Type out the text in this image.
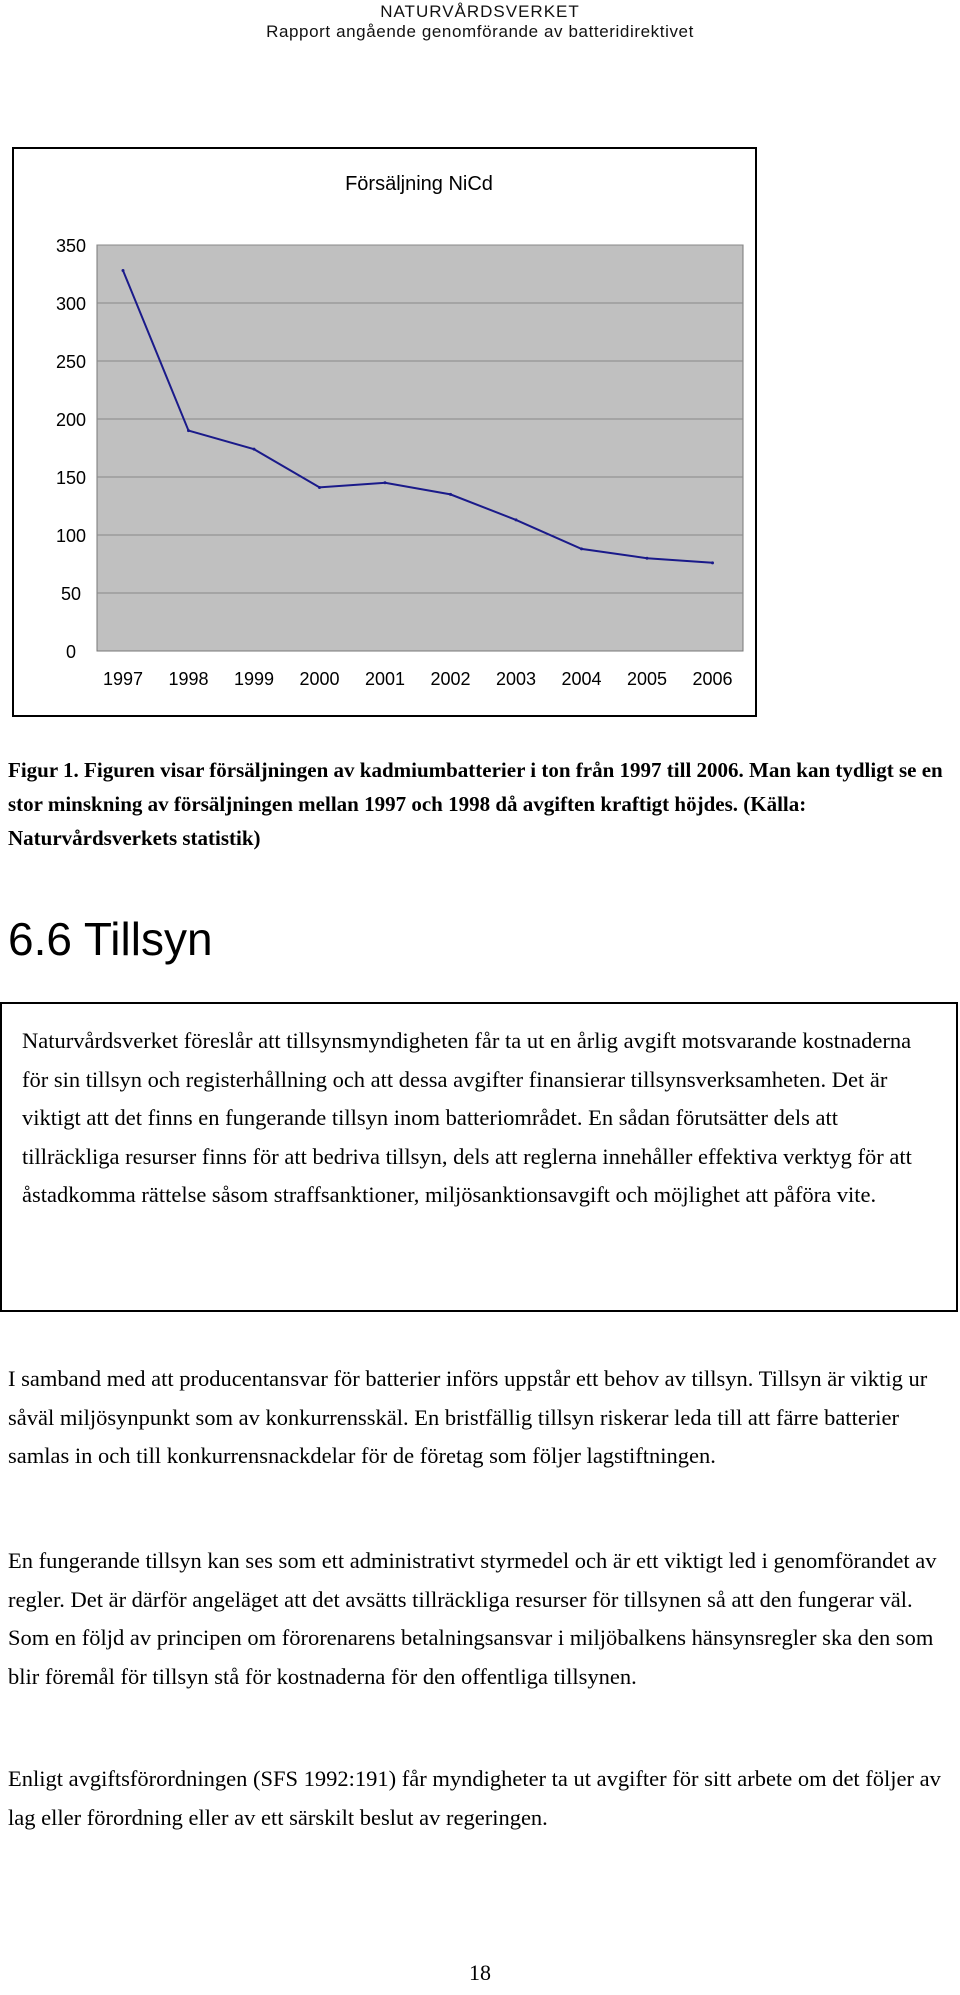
NATURVÅRDSVERKET
Rapport angående genomförande av batteridirektivet
0
50
100
150
200
250
300
350
1997 1998 1999 2000 2001 2002 2003 2004 2005 2006
Försäljning NiCd

Figur 1. Figuren visar försäljningen av kadmiumbatterier i ton från 1997 till 2006. Man kan tydligt se en stor minskning av försäljningen mellan 1997 och 1998 då avgiften kraftigt höjdes. (Källa: Naturvårdsverkets statistik)

6.6 Tillsyn

Naturvårdsverket föreslår att tillsynsmyndigheten får ta ut en årlig avgift motsvarande kostnaderna för sin tillsyn och registerhållning och att dessa avgifter finansierar tillsynsverksamheten. Det är viktigt att det finns en fungerande tillsyn inom batteriområdet. En sådan förutsätter dels att tillräckliga resurser finns för att bedriva tillsyn, dels att reglerna innehåller effektiva verktyg för att åstadkomma rättelse såsom straffsanktioner, miljösanktionsavgift och möjlighet att påföra vite.

I samband med att producentansvar för batterier införs uppstår ett behov av tillsyn. Tillsyn är viktig ur såväl miljösynpunkt som av konkurrensskäl. En bristfällig tillsyn riskerar leda till att färre batterier samlas in och till konkurrensnackdelar för de företag som följer lagstiftningen.

En fungerande tillsyn kan ses som ett administrativt styrmedel och är ett viktigt led i genomförandet av regler. Det är därför angeläget att det avsätts tillräckliga resurser för tillsynen så att den fungerar väl. Som en följd av principen om förorenarens betalningsansvar i miljöbalkens hänsynsregler ska den som blir föremål för tillsyn stå för kostnaderna för den offentliga tillsynen.

Enligt avgiftsförordningen (SFS 1992:191) får myndigheter ta ut avgifter för sitt arbete om det följer av lag eller förordning eller av ett särskilt beslut av regeringen.

18
